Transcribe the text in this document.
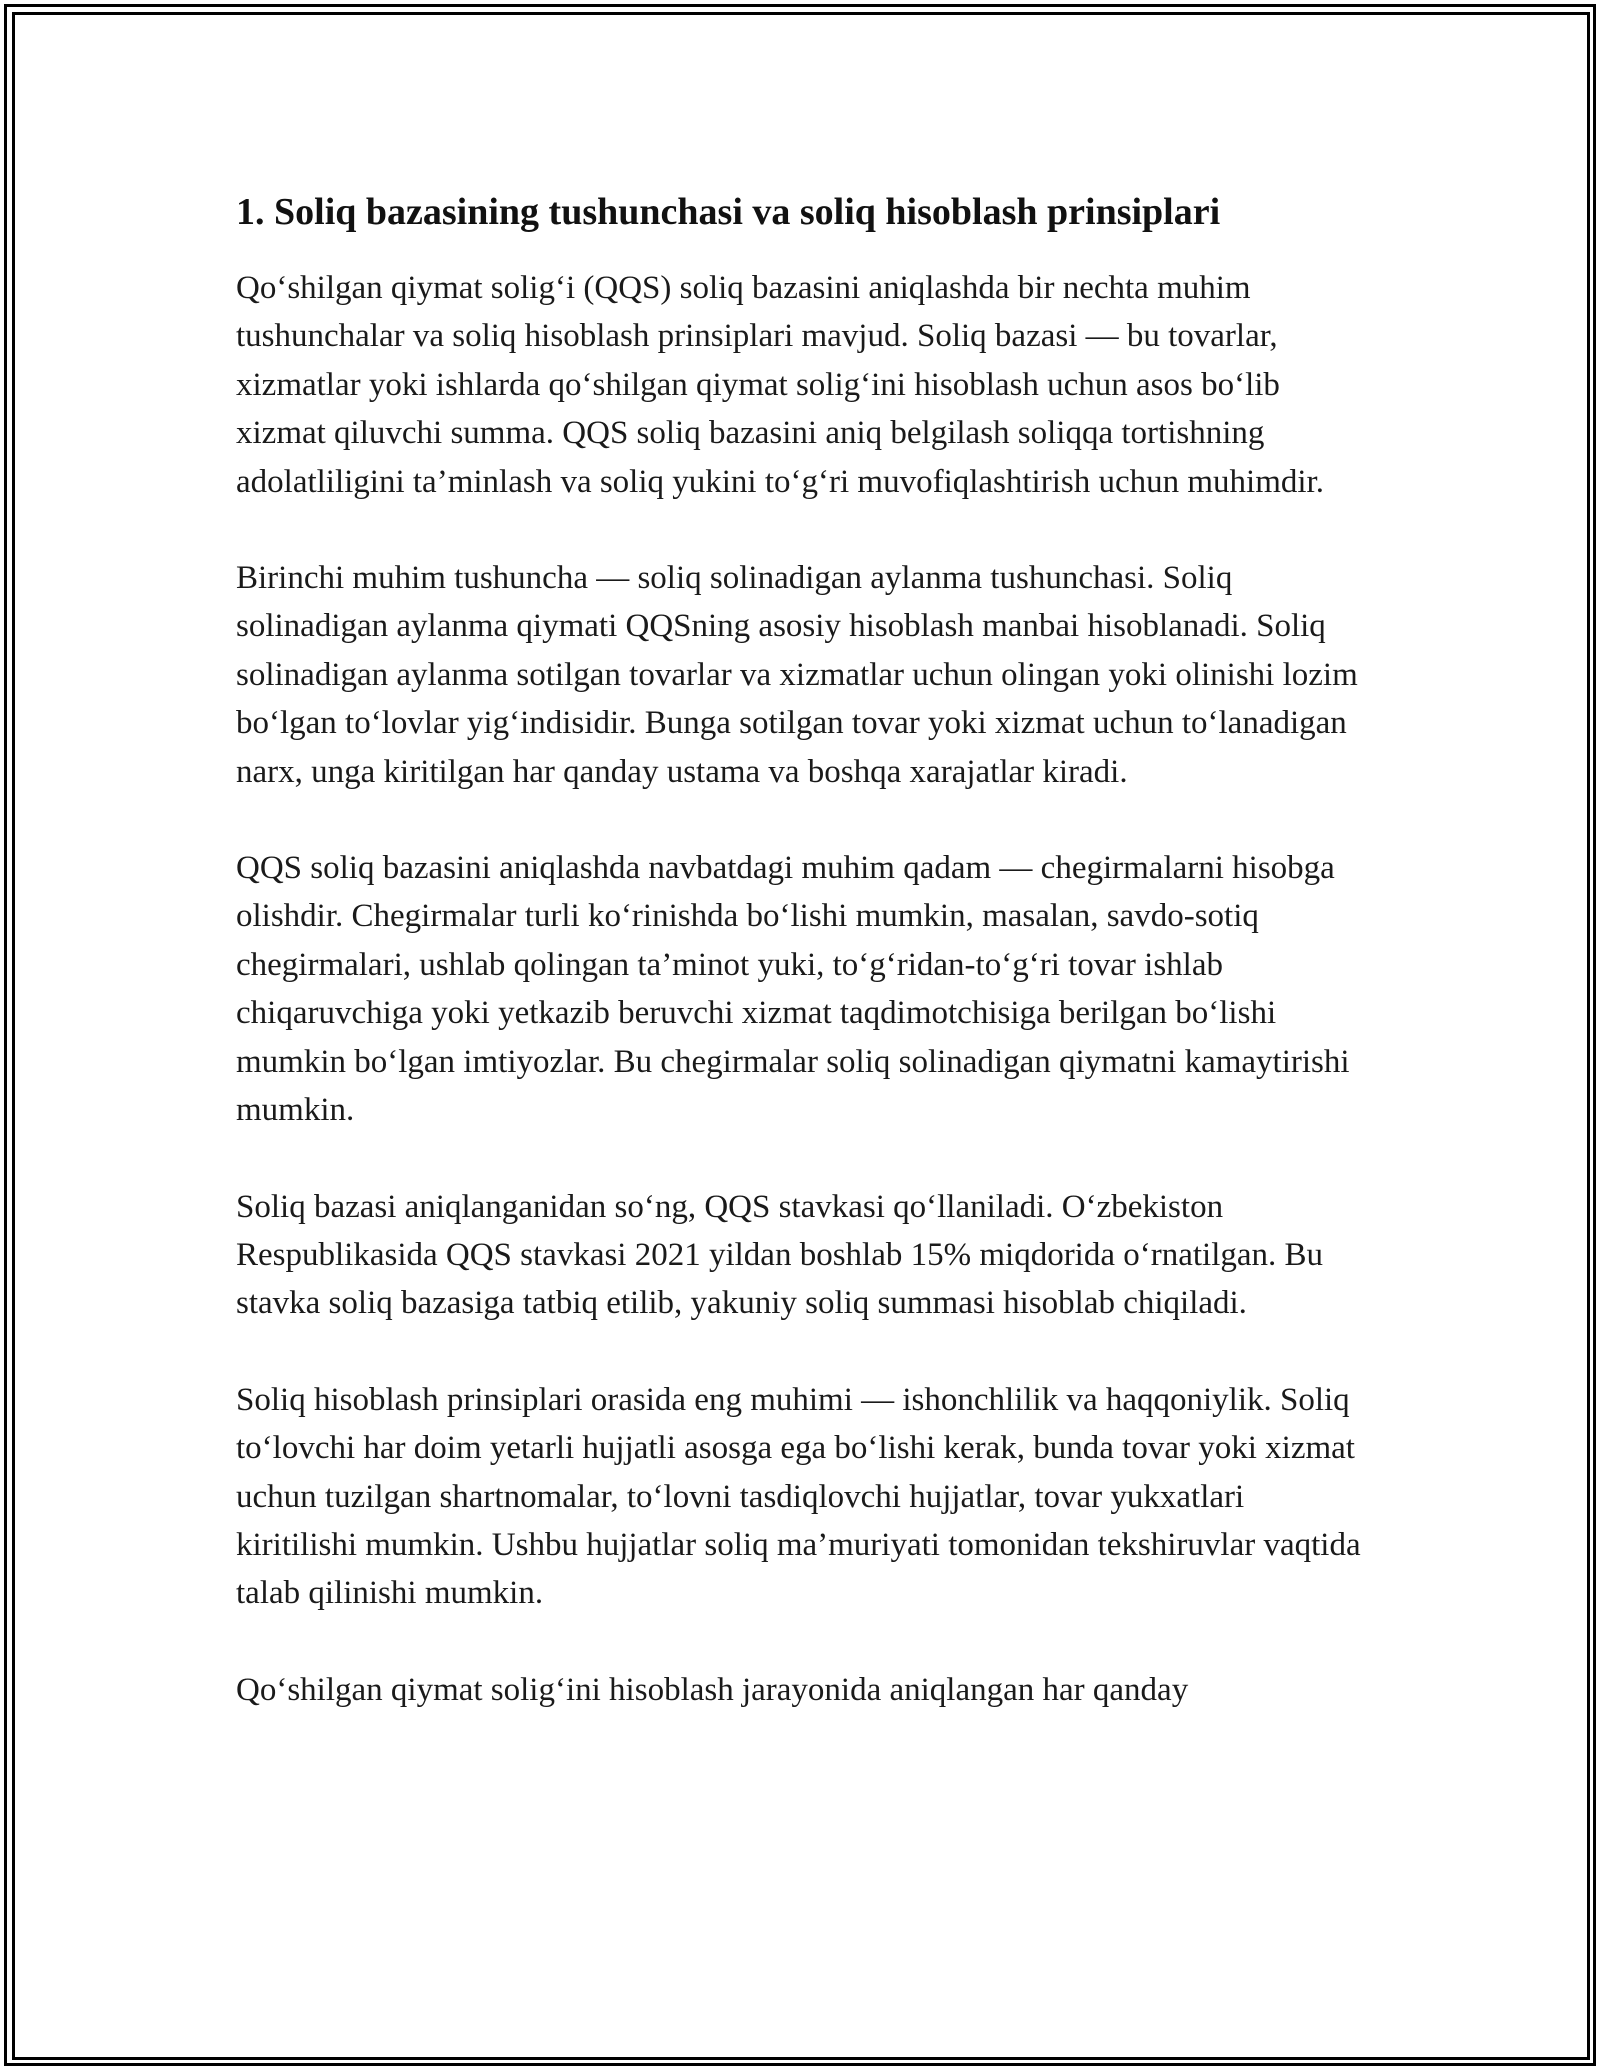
1. Soliq bazasining tushunchasi va soliq hisoblash prinsiplari

Qo‘shilgan qiymat solig‘i (QQS) soliq bazasini aniqlashda bir nechta muhim tushunchalar va soliq hisoblash prinsiplari mavjud. Soliq bazasi — bu tovarlar, xizmatlar yoki ishlarda qo‘shilgan qiymat solig‘ini hisoblash uchun asos bo‘lib xizmat qiluvchi summa. QQS soliq bazasini aniq belgilash soliqqa tortishning adolatliligini ta’minlash va soliq yukini to‘g‘ri muvofiqlashtirish uchun muhimdir.

Birinchi muhim tushuncha — soliq solinadigan aylanma tushunchasi. Soliq solinadigan aylanma qiymati QQSning asosiy hisoblash manbai hisoblanadi. Soliq solinadigan aylanma sotilgan tovarlar va xizmatlar uchun olingan yoki olinishi lozim bo‘lgan to‘lovlar yig‘indisidir. Bunga sotilgan tovar yoki xizmat uchun to‘lanadigan narx, unga kiritilgan har qanday ustama va boshqa xarajatlar kiradi.

QQS soliq bazasini aniqlashda navbatdagi muhim qadam — chegirmalarni hisobga olishdir. Chegirmalar turli ko‘rinishda bo‘lishi mumkin, masalan, savdo-sotiq chegirmalari, ushlab qolingan ta’minot yuki, to‘g‘ridan-to‘g‘ri tovar ishlab chiqaruvchiga yoki yetkazib beruvchi xizmat taqdimotchisiga berilgan bo‘lishi mumkin bo‘lgan imtiyozlar. Bu chegirmalar soliq solinadigan qiymatni kamaytirishi mumkin.

Soliq bazasi aniqlanganidan so‘ng, QQS stavkasi qo‘llaniladi. O‘zbekiston Respublikasida QQS stavkasi 2021 yildan boshlab 15% miqdorida o‘rnatilgan. Bu stavka soliq bazasiga tatbiq etilib, yakuniy soliq summasi hisoblab chiqiladi.

Soliq hisoblash prinsiplari orasida eng muhimi — ishonchlilik va haqqoniylik. Soliq to‘lovchi har doim yetarli hujjatli asosga ega bo‘lishi kerak, bunda tovar yoki xizmat uchun tuzilgan shartnomalar, to‘lovni tasdiqlovchi hujjatlar, tovar yukxatlari kiritilishi mumkin. Ushbu hujjatlar soliq ma’muriyati tomonidan tekshiruvlar vaqtida talab qilinishi mumkin.

Qo‘shilgan qiymat solig‘ini hisoblash jarayonida aniqlangan har qanday
